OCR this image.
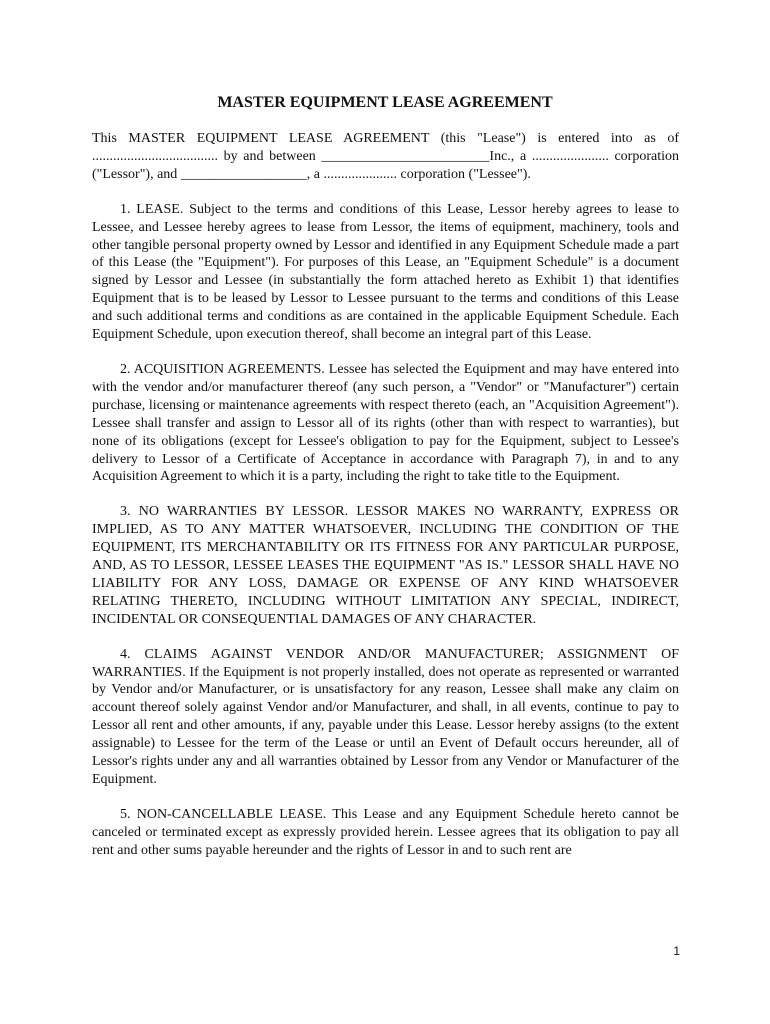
MASTER EQUIPMENT LEASE AGREEMENT

This MASTER EQUIPMENT LEASE AGREEMENT (this "Lease") is entered into as of .................................... by and between ________________________Inc., a ...................... corporation ("Lessor"), and __________________, a ..................... corporation ("Lessee").

1. LEASE. Subject to the terms and conditions of this Lease, Lessor hereby agrees to lease to Lessee, and Lessee hereby agrees to lease from Lessor, the items of equipment, machinery, tools and other tangible personal property owned by Lessor and identified in any Equipment Schedule made a part of this Lease (the "Equipment"). For purposes of this Lease, an "Equipment Schedule" is a document signed by Lessor and Lessee (in substantially the form attached hereto as Exhibit 1) that identifies Equipment that is to be leased by Lessor to Lessee pursuant to the terms and conditions of this Lease and such additional terms and conditions as are contained in the applicable Equipment Schedule. Each Equipment Schedule, upon execution thereof, shall become an integral part of this Lease.

2. ACQUISITION AGREEMENTS. Lessee has selected the Equipment and may have entered into with the vendor and/or manufacturer thereof (any such person, a "Vendor" or "Manufacturer") certain purchase, licensing or maintenance agreements with respect thereto (each, an "Acquisition Agreement"). Lessee shall transfer and assign to Lessor all of its rights (other than with respect to warranties), but none of its obligations (except for Lessee's obligation to pay for the Equipment, subject to Lessee's delivery to Lessor of a Certificate of Acceptance in accordance with Paragraph 7), in and to any Acquisition Agreement to which it is a party, including the right to take title to the Equipment.

3. NO WARRANTIES BY LESSOR. LESSOR MAKES NO WARRANTY, EXPRESS OR IMPLIED, AS TO ANY MATTER WHATSOEVER, INCLUDING THE CONDITION OF THE EQUIPMENT, ITS MERCHANTABILITY OR ITS FITNESS FOR ANY PARTICULAR PURPOSE, AND, AS TO LESSOR, LESSEE LEASES THE EQUIPMENT "AS IS." LESSOR SHALL HAVE NO LIABILITY FOR ANY LOSS, DAMAGE OR EXPENSE OF ANY KIND WHATSOEVER RELATING THERETO, INCLUDING WITHOUT LIMITATION ANY SPECIAL, INDIRECT, INCIDENTAL OR CONSEQUENTIAL DAMAGES OF ANY CHARACTER.

4. CLAIMS AGAINST VENDOR AND/OR MANUFACTURER; ASSIGNMENT OF WARRANTIES. If the Equipment is not properly installed, does not operate as represented or warranted by Vendor and/or Manufacturer, or is unsatisfactory for any reason, Lessee shall make any claim on account thereof solely against Vendor and/or Manufacturer, and shall, in all events, continue to pay to Lessor all rent and other amounts, if any, payable under this Lease. Lessor hereby assigns (to the extent assignable) to Lessee for the term of the Lease or until an Event of Default occurs hereunder, all of Lessor's rights under any and all warranties obtained by Lessor from any Vendor or Manufacturer of the Equipment.

5. NON-CANCELLABLE LEASE. This Lease and any Equipment Schedule hereto cannot be canceled or terminated except as expressly provided herein. Lessee agrees that its obligation to pay all rent and other sums payable hereunder and the rights of Lessor in and to such rent are

1
